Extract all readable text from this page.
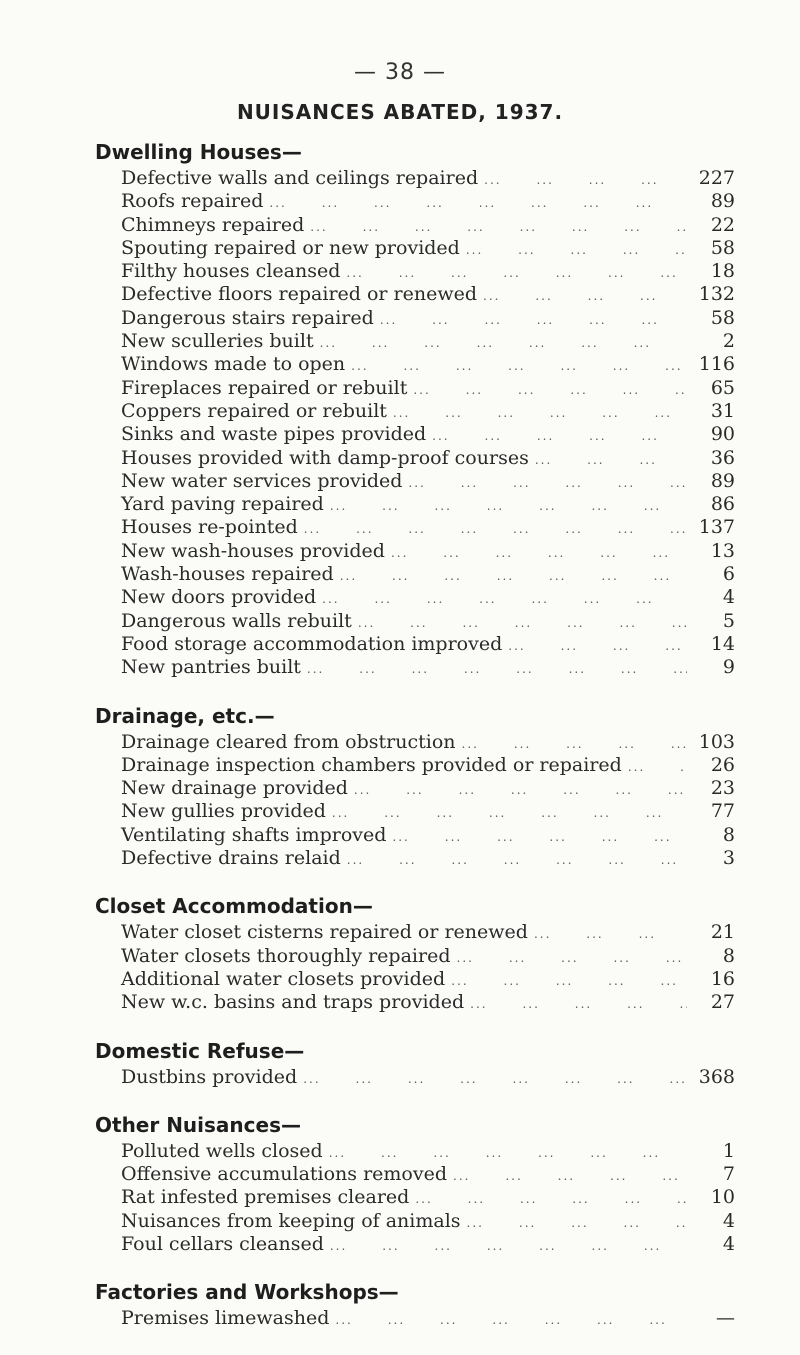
— 38 —
NUISANCES ABATED, 1937.
Dwelling Houses—
Defective walls and ceilings repaired ...	227
Roofs repaired ...	89
Chimneys repaired ...	22
Spouting repaired or new provided ...	58
Filthy houses cleansed ...	18
Defective floors repaired or renewed ...	132
Dangerous stairs repaired ...	58
New sculleries built ...	2
Windows made to open ...	116
Fireplaces repaired or rebuilt ...	65
Coppers repaired or rebuilt ...	31
Sinks and waste pipes provided ...	90
Houses provided with damp-proof courses ...	36
New water services provided ...	89
Yard paving repaired ...	86
Houses re-pointed ...	137
New wash-houses provided ...	13
Wash-houses repaired ...	6
New doors provided ...	4
Dangerous walls rebuilt ...	5
Food storage accommodation improved ...	14
New pantries built ...	9
Drainage, etc.—
Drainage cleared from obstruction ...	103
Drainage inspection chambers provided or repaired ...	26
New drainage provided ...	23
New gullies provided ...	77
Ventilating shafts improved ...	8
Defective drains relaid ...	3
Closet Accommodation—
Water closet cisterns repaired or renewed ...	21
Water closets thoroughly repaired ...	8
Additional water closets provided ...	16
New w.c. basins and traps provided ...	27
Domestic Refuse—
Dustbins provided ...	368
Other Nuisances—
Polluted wells closed ...	1
Offensive accumulations removed ...	7
Rat infested premises cleared ...	10
Nuisances from keeping of animals ...	4
Foul cellars cleansed ...	4
Factories and Workshops—
Premises limewashed ...	—
